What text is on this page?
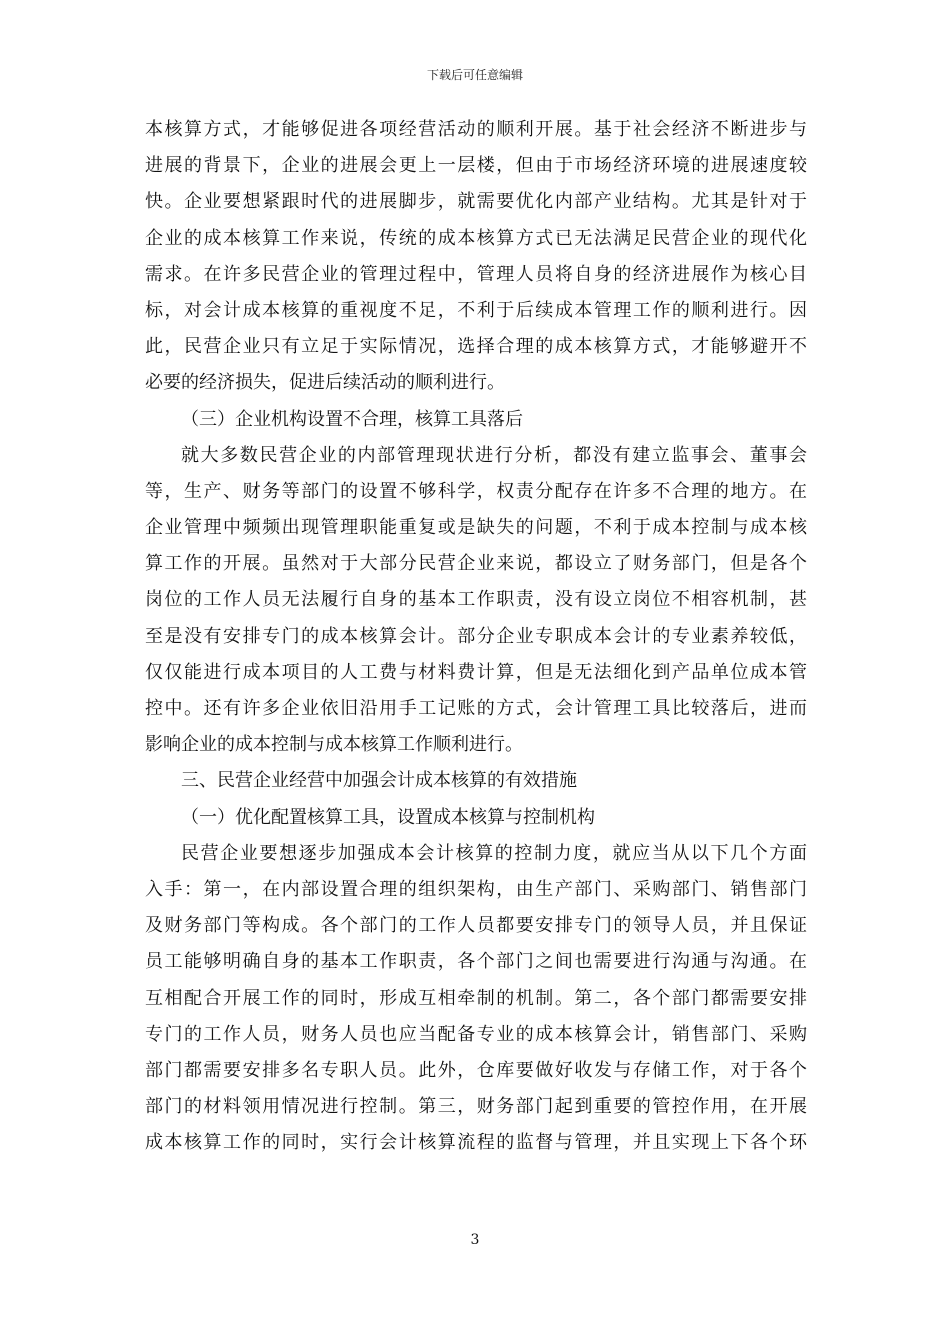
下载后可任意编辑
本核算方式，才能够促进各项经营活动的顺利开展。基于社会经济不断进步与
进展的背景下，企业的进展会更上一层楼，但由于市场经济环境的进展速度较
快。企业要想紧跟时代的进展脚步，就需要优化内部产业结构。尤其是针对于
企业的成本核算工作来说，传统的成本核算方式已无法满足民营企业的现代化
需求。在许多民营企业的管理过程中，管理人员将自身的经济进展作为核心目
标，对会计成本核算的重视度不足，不利于后续成本管理工作的顺利进行。因
此，民营企业只有立足于实际情况，选择合理的成本核算方式，才能够避开不
必要的经济损失，促进后续活动的顺利进行。
（三）企业机构设置不合理，核算工具落后
就大多数民营企业的内部管理现状进行分析，都没有建立监事会、董事会
等，生产、财务等部门的设置不够科学，权责分配存在许多不合理的地方。在
企业管理中频频出现管理职能重复或是缺失的问题，不利于成本控制与成本核
算工作的开展。虽然对于大部分民营企业来说，都设立了财务部门，但是各个
岗位的工作人员无法履行自身的基本工作职责，没有设立岗位不相容机制，甚
至是没有安排专门的成本核算会计。部分企业专职成本会计的专业素养较低，
仅仅能进行成本项目的人工费与材料费计算，但是无法细化到产品单位成本管
控中。还有许多企业依旧沿用手工记账的方式，会计管理工具比较落后，进而
影响企业的成本控制与成本核算工作顺利进行。
三、民营企业经营中加强会计成本核算的有效措施
（一）优化配置核算工具，设置成本核算与控制机构
民营企业要想逐步加强成本会计核算的控制力度，就应当从以下几个方面
入手：第一，在内部设置合理的组织架构，由生产部门、采购部门、销售部门
及财务部门等构成。各个部门的工作人员都要安排专门的领导人员，并且保证
员工能够明确自身的基本工作职责，各个部门之间也需要进行沟通与沟通。在
互相配合开展工作的同时，形成互相牵制的机制。第二，各个部门都需要安排
专门的工作人员，财务人员也应当配备专业的成本核算会计，销售部门、采购
部门都需要安排多名专职人员。此外，仓库要做好收发与存储工作，对于各个
部门的材料领用情况进行控制。第三，财务部门起到重要的管控作用，在开展
成本核算工作的同时，实行会计核算流程的监督与管理，并且实现上下各个环
3
